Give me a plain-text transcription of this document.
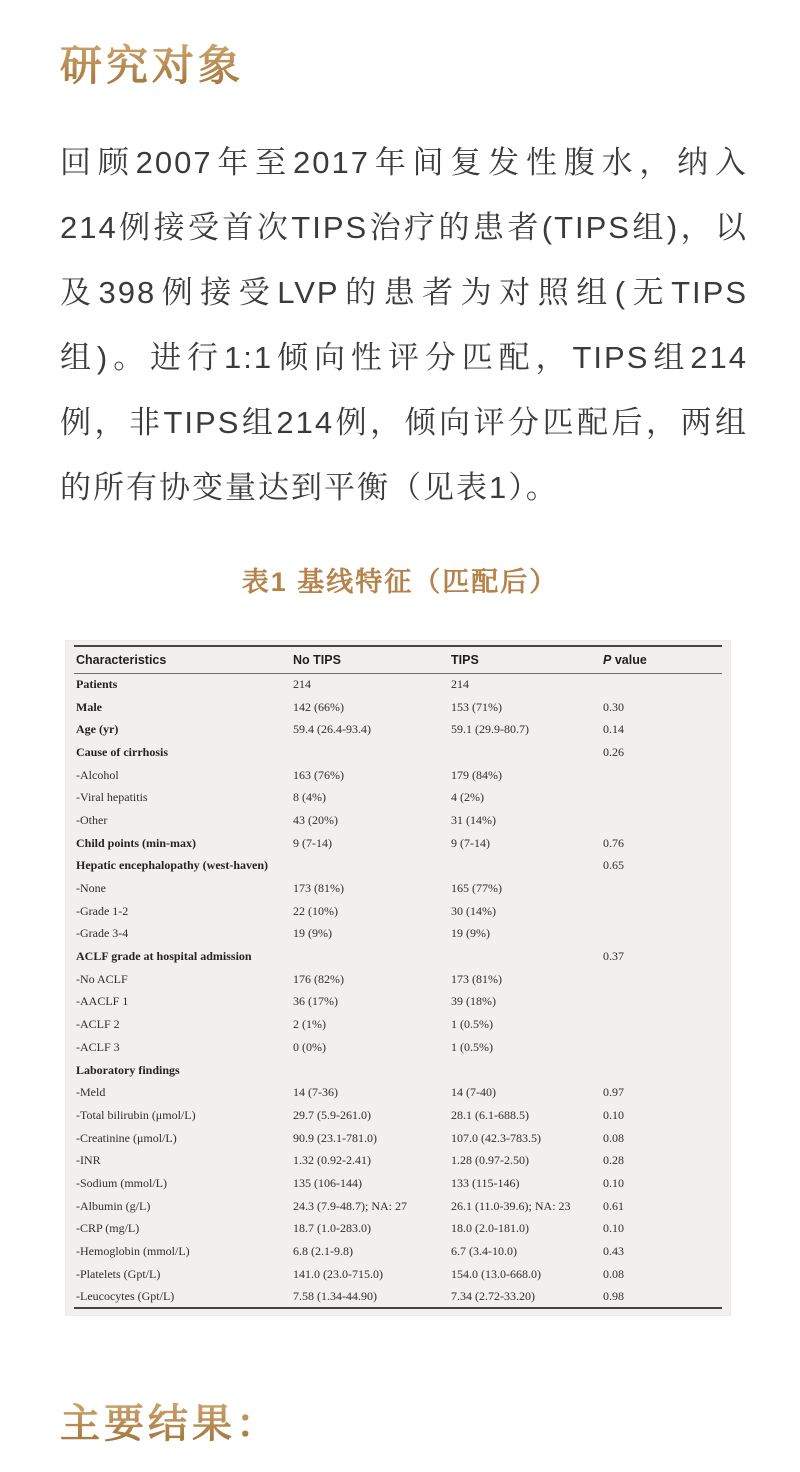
研究对象
回顾2007年至2017年间复发性腹水，纳入
214例接受首次TIPS治疗的患者(TIPS组)，以
及398例接受LVP的患者为对照组(无TIPS
组)。进行1:1倾向性评分匹配，TIPS组214
例，非TIPS组214例，倾向评分匹配后，两组
的所有协变量达到平衡（见表1）。
表1 基线特征（匹配后）
Characteristics	No TIPS	TIPS	P value
Patients	214	214	
Male	142 (66%)	153 (71%)	0.30
Age (yr)	59.4 (26.4-93.4)	59.1 (29.9-80.7)	0.14
Cause of cirrhosis			0.26
-Alcohol	163 (76%)	179 (84%)	
-Viral hepatitis	8 (4%)	4 (2%)	
-Other	43 (20%)	31 (14%)	
Child points (min-max)	9 (7-14)	9 (7-14)	0.76
Hepatic encephalopathy (west-haven)			0.65
-None	173 (81%)	165 (77%)	
-Grade 1-2	22 (10%)	30 (14%)	
-Grade 3-4	19 (9%)	19 (9%)	
ACLF grade at hospital admission			0.37
-No ACLF	176 (82%)	173 (81%)	
-AACLF 1	36 (17%)	39 (18%)	
-ACLF 2	2 (1%)	1 (0.5%)	
-ACLF 3	0 (0%)	1 (0.5%)	
Laboratory findings			
-Meld	14 (7-36)	14 (7-40)	0.97
-Total bilirubin (μmol/L)	29.7 (5.9-261.0)	28.1 (6.1-688.5)	0.10
-Creatinine (μmol/L)	90.9 (23.1-781.0)	107.0 (42.3-783.5)	0.08
-INR	1.32 (0.92-2.41)	1.28 (0.97-2.50)	0.28
-Sodium (mmol/L)	135 (106-144)	133 (115-146)	0.10
-Albumin (g/L)	24.3 (7.9-48.7); NA: 27	26.1 (11.0-39.6); NA: 23	0.61
-CRP (mg/L)	18.7 (1.0-283.0)	18.0 (2.0-181.0)	0.10
-Hemoglobin (mmol/L)	6.8 (2.1-9.8)	6.7 (3.4-10.0)	0.43
-Platelets (Gpt/L)	141.0 (23.0-715.0)	154.0 (13.0-668.0)	0.08
-Leucocytes (Gpt/L)	7.58 (1.34-44.90)	7.34 (2.72-33.20)	0.98
主要结果：
